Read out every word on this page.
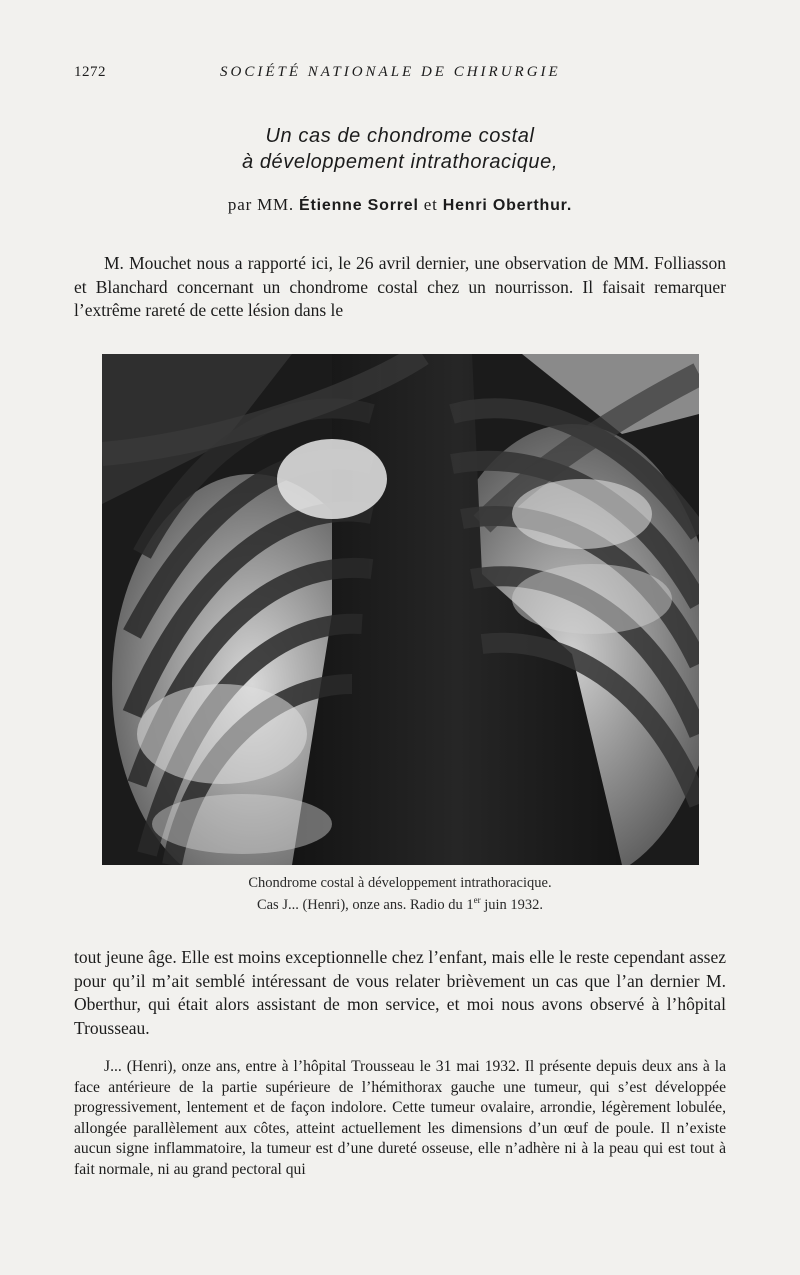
1272	SOCIÉTÉ NATIONALE DE CHIRURGIE
Un cas de chondrome costal
à développement intrathoracique,
par MM. Étienne Sorrel et Henri Oberthur.
M. Mouchet nous a rapporté ici, le 26 avril dernier, une observation de MM. Folliasson et Blanchard concernant un chondrome costal chez un nourrisson. Il faisait remarquer l’extrême rareté de cette lésion dans le
Chondrome costal à développement intrathoracique.
Cas J... (Henri), onze ans. Radio du 1er juin 1932.
tout jeune âge. Elle est moins exceptionnelle chez l’enfant, mais elle le reste cependant assez pour qu’il m’ait semblé intéressant de vous relater brièvement un cas que l’an dernier M. Oberthur, qui était alors assistant de mon service, et moi nous avons observé à l’hôpital Trousseau.
J... (Henri), onze ans, entre à l’hôpital Trousseau le 31 mai 1932. Il présente depuis deux ans à la face antérieure de la partie supérieure de l’hémithorax gauche une tumeur, qui s’est développée progressivement, lentement et de façon indolore. Cette tumeur ovalaire, arrondie, légèrement lobulée, allongée parallèlement aux côtes, atteint actuellement les dimensions d’un œuf de poule. Il n’existe aucun signe inflammatoire, la tumeur est d’une dureté osseuse, elle n’adhère ni à la peau qui est tout à fait normale, ni au grand pectoral qui
